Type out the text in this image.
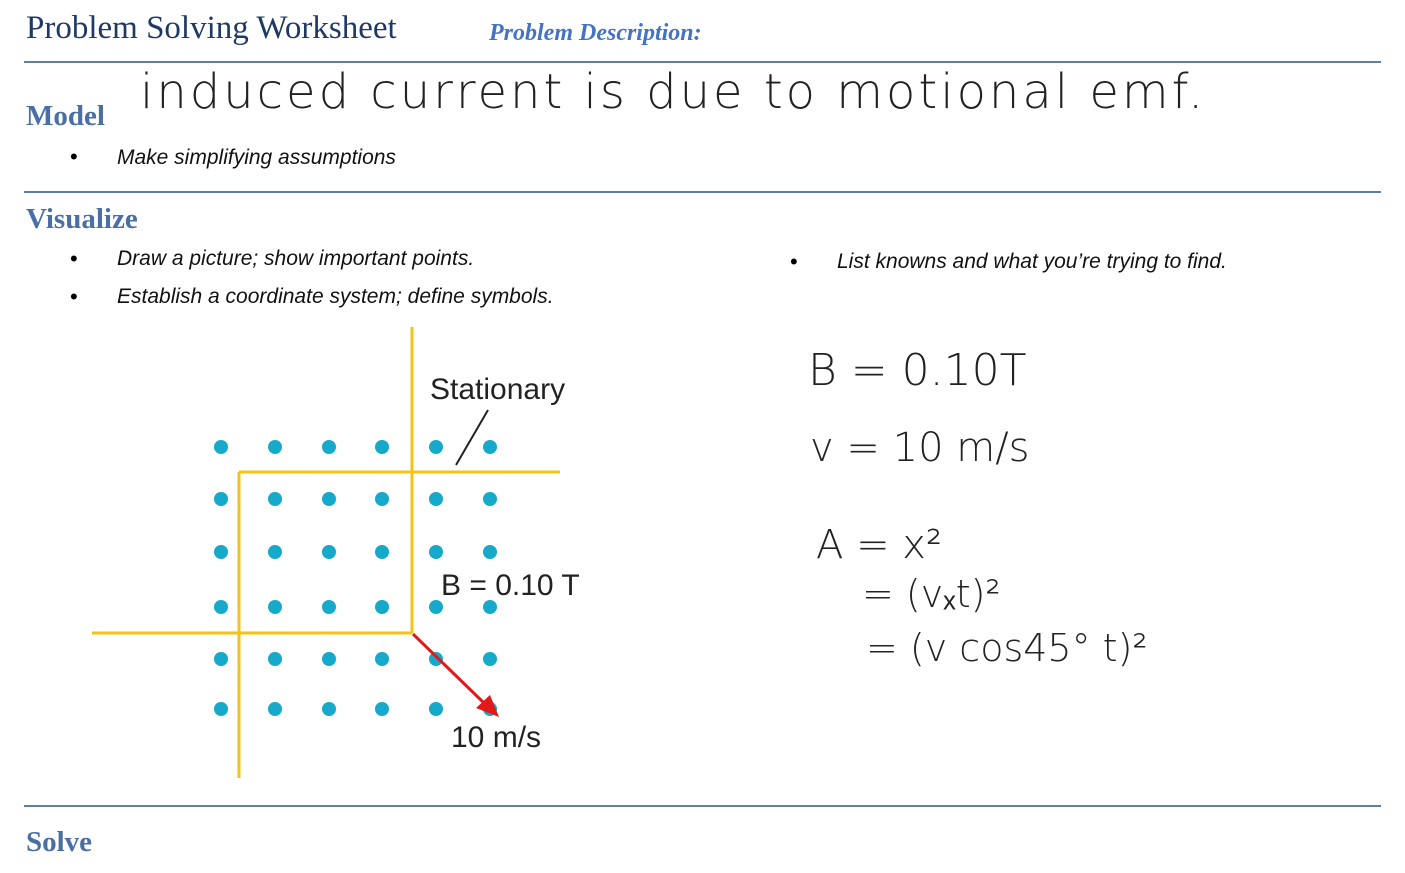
Problem Solving Worksheet	Problem Description:
Model induced current is due to motional emf.
• Make simplifying assumptions
Visualize
• Draw a picture; show important points.
• Establish a coordinate system; define symbols.
• List knowns and what you’re trying to find.
Stationary
B = 0.10 T
10 m/s
B = 0.10T
v = 10 m/s
A = x²
= (vₓt)²
= (v cos45° t)²
Solve
